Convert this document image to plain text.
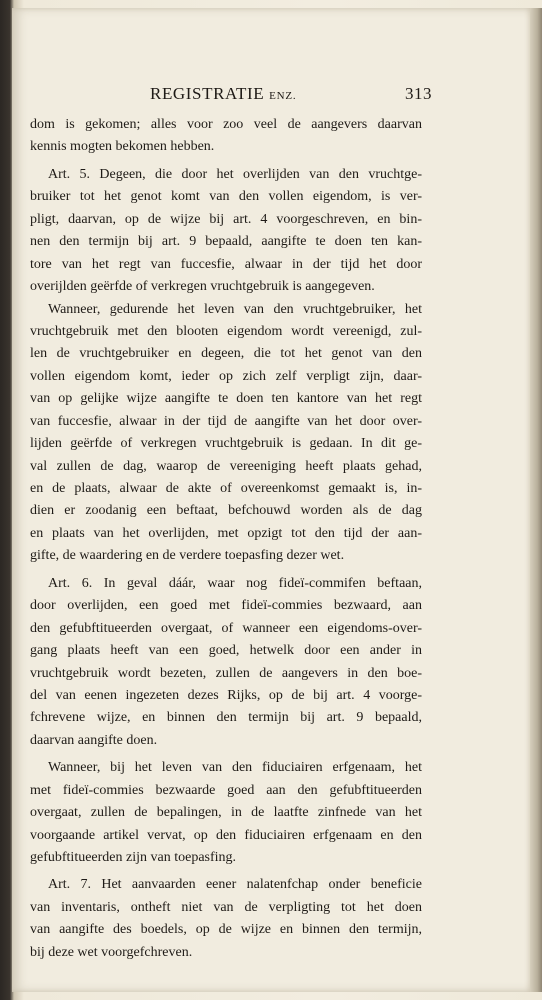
REGISTRATIE ENZ.	313
dom is gekomen; alles voor zoo veel de aangevers daarvan
kennis mogten bekomen hebben.
Art. 5. Degeen, die door het overlijden van den vruchtge-
bruiker tot het genot komt van den vollen eigendom, is ver-
pligt, daarvan, op de wijze bij art. 4 voorgeschreven, en bin-
nen den termijn bij art. 9 bepaald, aangifte te doen ten kan-
tore van het regt van fuccesfie, alwaar in der tijd het door
overijlden geërfde of verkregen vruchtgebruik is aangegeven.
Wanneer, gedurende het leven van den vruchtgebruiker, het
vruchtgebruik met den blooten eigendom wordt vereenigd, zul-
len de vruchtgebruiker en degeen, die tot het genot van den
vollen eigendom komt, ieder op zich zelf verpligt zijn, daar-
van op gelijke wijze aangifte te doen ten kantore van het regt
van fuccesfie, alwaar in der tijd de aangifte van het door over-
lijden geërfde of verkregen vruchtgebruik is gedaan. In dit ge-
val zullen de dag, waarop de vereeniging heeft plaats gehad,
en de plaats, alwaar de akte of overeenkomst gemaakt is, in-
dien er zoodanig een beftaat, befchouwd worden als de dag
en plaats van het overlijden, met opzigt tot den tijd der aan-
gifte, de waardering en de verdere toepasfing dezer wet.
Art. 6. In geval dáár, waar nog fideï-commifen beftaan,
door overlijden, een goed met fideï-commies bezwaard, aan
den gefubftitueerden overgaat, of wanneer een eigendoms-over-
gang plaats heeft van een goed, hetwelk door een ander in
vruchtgebruik wordt bezeten, zullen de aangevers in den boe-
del van eenen ingezeten dezes Rijks, op de bij art. 4 voorge-
fchrevene wijze, en binnen den termijn bij art. 9 bepaald,
daarvan aangifte doen.
Wanneer, bij het leven van den fiduciairen erfgenaam, het
met fideï-commies bezwaarde goed aan den gefubftitueerden
overgaat, zullen de bepalingen, in de laatfte zinfnede van het
voorgaande artikel vervat, op den fiduciairen erfgenaam en den
gefubftitueerden zijn van toepasfing.
Art. 7. Het aanvaarden eener nalatenfchap onder beneficie
van inventaris, ontheft niet van de verpligting tot het doen
van aangifte des boedels, op de wijze en binnen den termijn,
bij deze wet voorgefchreven.
